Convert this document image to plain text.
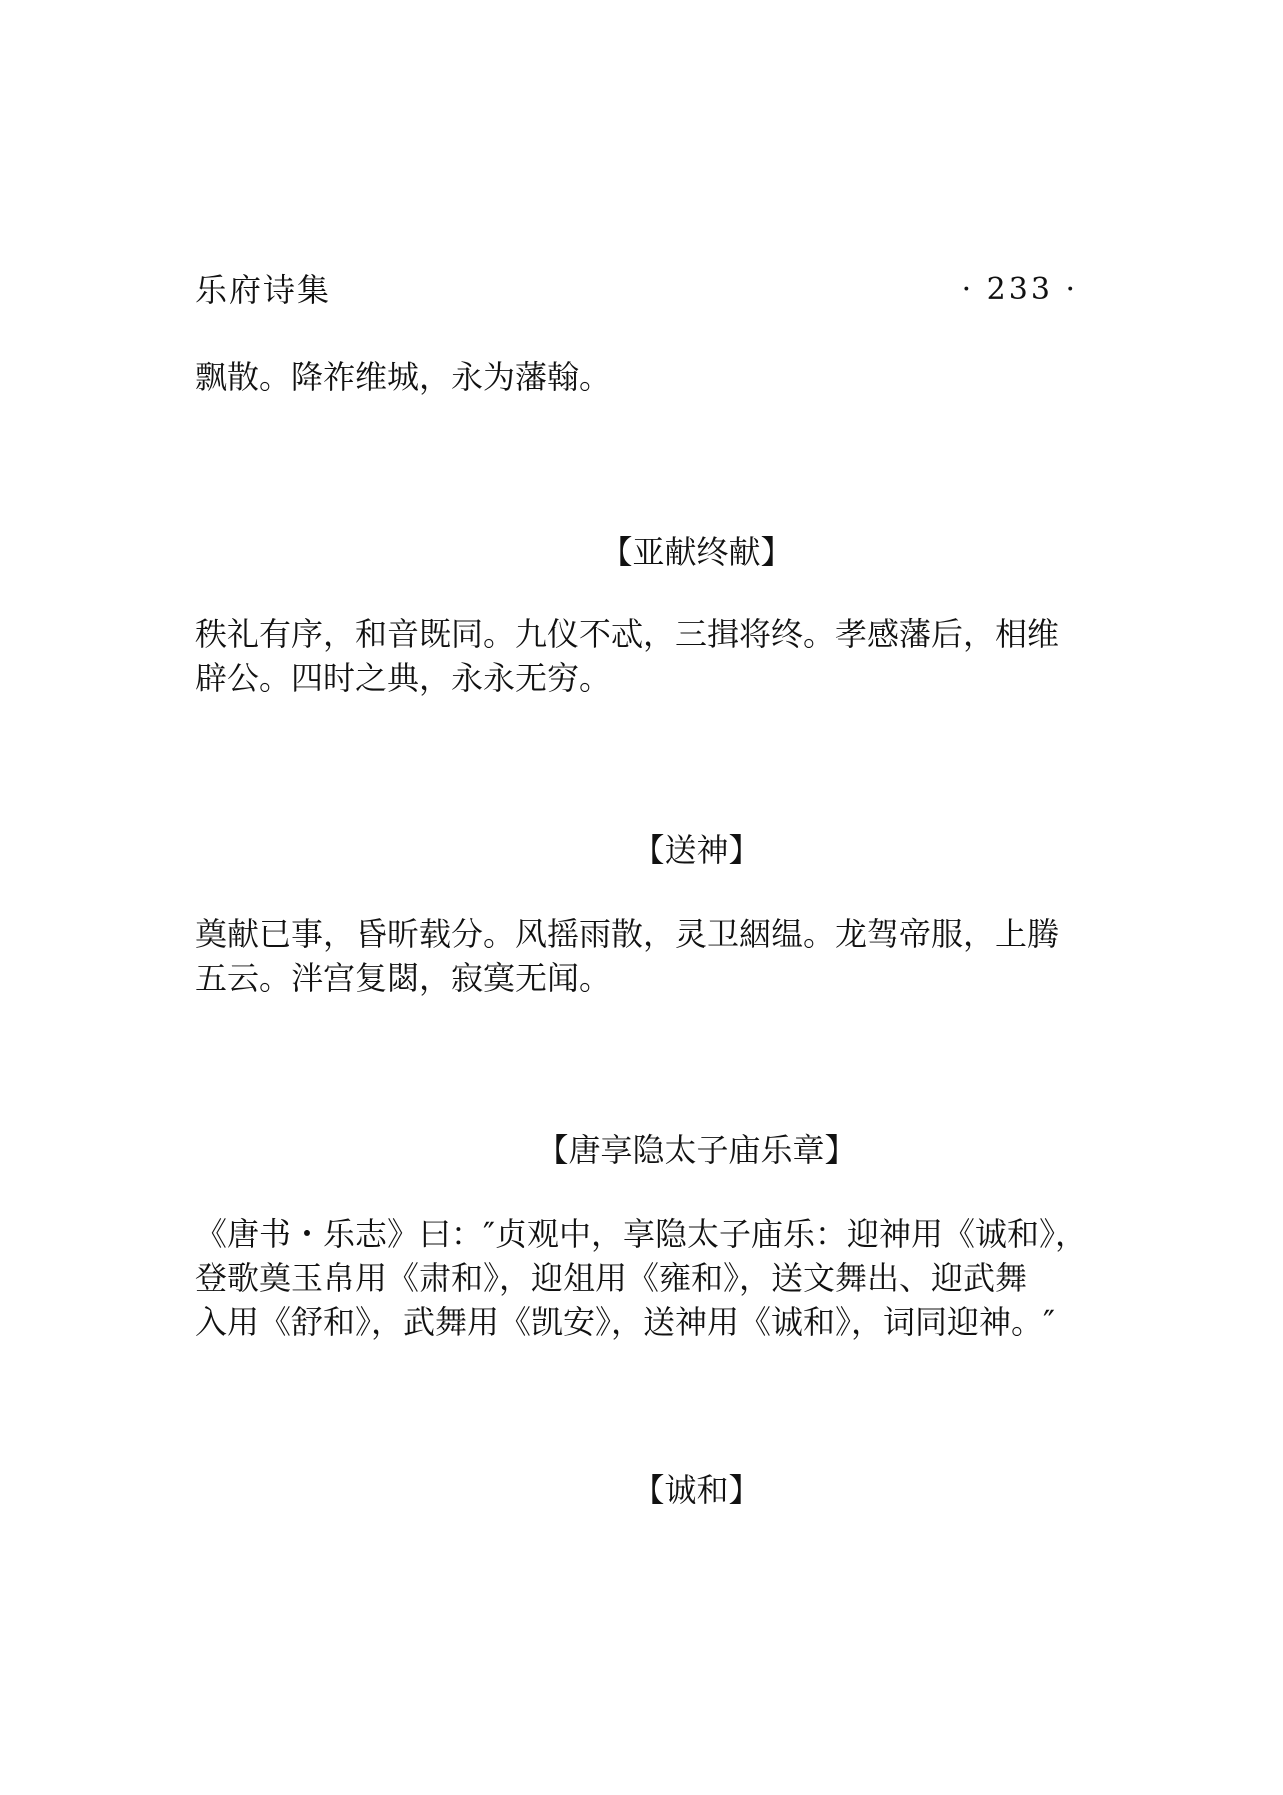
乐府诗集	· 233 ·
飘散。降祚维城，永为藩翰。
【亚献终献】
秩礼有序，和音既同。九仪不忒，三揖将终。孝感藩后，相维
辟公。四时之典，永永无穷。
【送神】
奠献已事，昏昕载分。风摇雨散，灵卫絪缊。龙驾帝服，上腾
五云。泮宫复閟，寂寞无闻。
【唐享隐太子庙乐章】
《唐书・乐志》曰：″贞观中，享隐太子庙乐：迎神用《诚和》，
登歌奠玉帛用《肃和》，迎俎用《雍和》，送文舞出、迎武舞
入用《舒和》，武舞用《凯安》，送神用《诚和》，词同迎神。″
【诚和】
